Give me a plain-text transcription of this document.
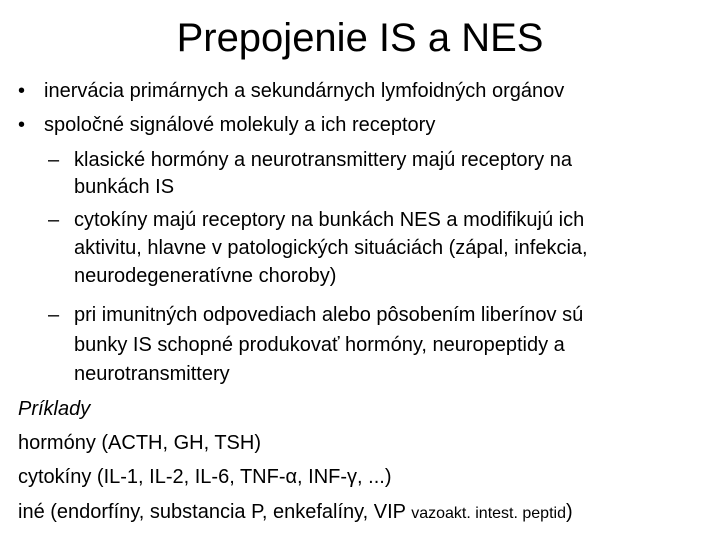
Prepojenie IS a NES
• inervácia primárnych a sekundárnych lymfoidných orgánov
• spoločné signálové molekuly a ich receptory
– klasické hormóny a neurotransmittery majú receptory na
bunkách IS
– cytokíny majú receptory na bunkách NES a modifikujú ich
aktivitu, hlavne v patologických situáciách (zápal, infekcia,
neurodegeneratívne choroby)
– pri imunitných odpovediach alebo pôsobením liberínov sú
bunky IS schopné produkovať hormóny, neuropeptidy a
neurotransmittery
Príklady
hormóny (ACTH, GH, TSH)
cytokíny (IL-1, IL-2, IL-6, TNF-α, INF-γ, ...)
iné (endorfíny, substancia P, enkefalíny, VIP vazoakt. intest. peptid)
